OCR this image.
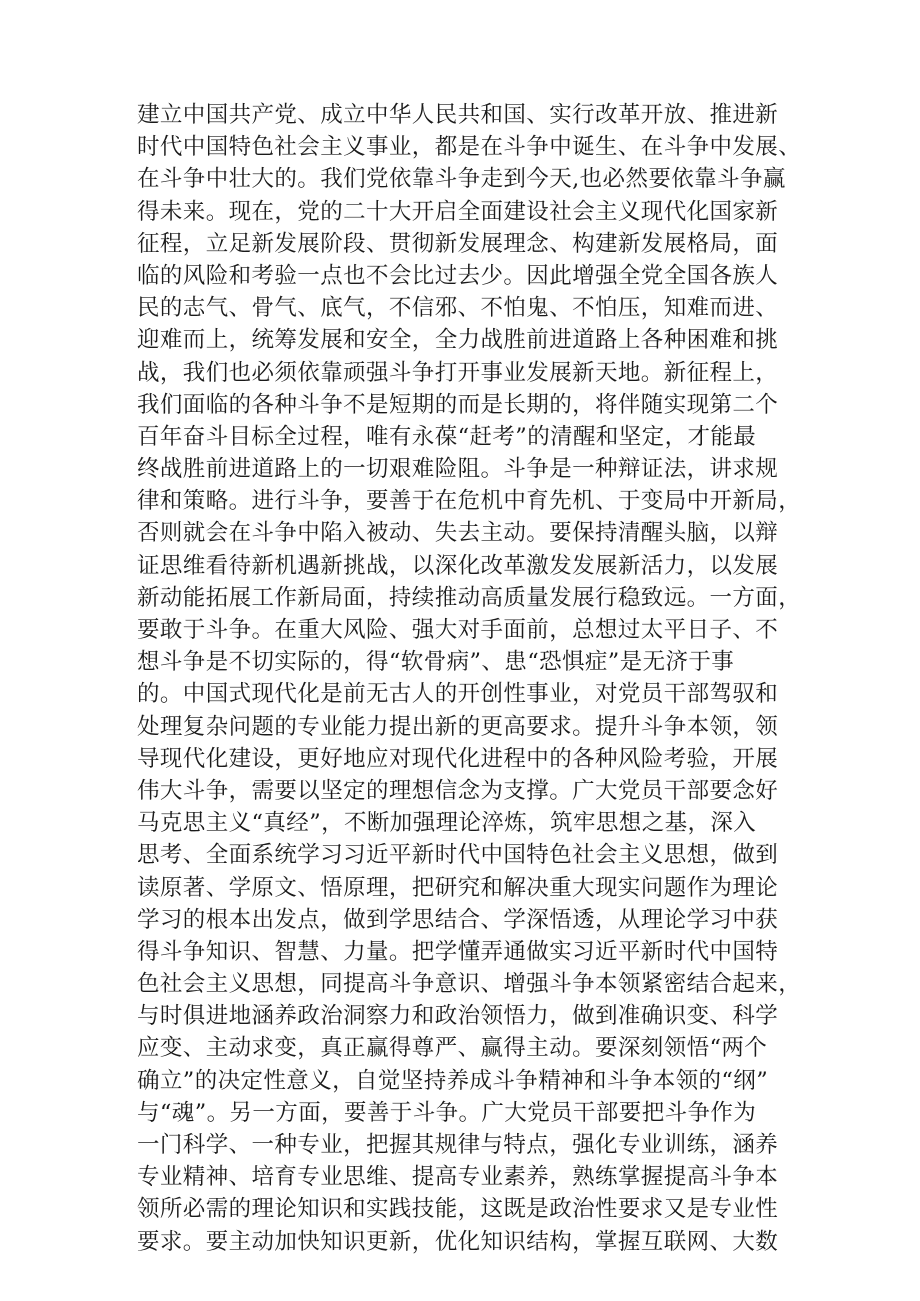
建立中国共产党、成立中华人民共和国、实行改革开放、推进新
时代中国特色社会主义事业，都是在斗争中诞生、在斗争中发展、
在斗争中壮大的。我们党依靠斗争走到今天,也必然要依靠斗争赢
得未来。现在，党的二十大开启全面建设社会主义现代化国家新
征程，立足新发展阶段、贯彻新发展理念、构建新发展格局，面
临的风险和考验一点也不会比过去少。因此增强全党全国各族人
民的志气、骨气、底气，不信邪、不怕鬼、不怕压，知难而进、
迎难而上，统筹发展和安全，全力战胜前进道路上各种困难和挑
战，我们也必须依靠顽强斗争打开事业发展新天地。新征程上，
我们面临的各种斗争不是短期的而是长期的，将伴随实现第二个
百年奋斗目标全过程，唯有永葆“赶考”的清醒和坚定，才能最
终战胜前进道路上的一切艰难险阻。斗争是一种辩证法，讲求规
律和策略。进行斗争，要善于在危机中育先机、于变局中开新局，
否则就会在斗争中陷入被动、失去主动。要保持清醒头脑，以辩
证思维看待新机遇新挑战，以深化改革激发发展新活力，以发展
新动能拓展工作新局面，持续推动高质量发展行稳致远。一方面，
要敢于斗争。在重大风险、强大对手面前，总想过太平日子、不
想斗争是不切实际的，得“软骨病”、患“恐惧症”是无济于事
的。中国式现代化是前无古人的开创性事业，对党员干部驾驭和
处理复杂问题的专业能力提出新的更高要求。提升斗争本领，领
导现代化建设，更好地应对现代化进程中的各种风险考验，开展
伟大斗争，需要以坚定的理想信念为支撑。广大党员干部要念好
马克思主义“真经”，不断加强理论淬炼，筑牢思想之基，深入
思考、全面系统学习习近平新时代中国特色社会主义思想，做到
读原著、学原文、悟原理，把研究和解决重大现实问题作为理论
学习的根本出发点，做到学思结合、学深悟透，从理论学习中获
得斗争知识、智慧、力量。把学懂弄通做实习近平新时代中国特
色社会主义思想，同提高斗争意识、增强斗争本领紧密结合起来，
与时俱进地涵养政治洞察力和政治领悟力，做到准确识变、科学
应变、主动求变，真正赢得尊严、赢得主动。要深刻领悟“两个
确立”的决定性意义，自觉坚持养成斗争精神和斗争本领的“纲”
与“魂”。另一方面，要善于斗争。广大党员干部要把斗争作为
一门科学、一种专业，把握其规律与特点，强化专业训练，涵养
专业精神、培育专业思维、提高专业素养，熟练掌握提高斗争本
领所必需的理论知识和实践技能，这既是政治性要求又是专业性
要求。要主动加快知识更新，优化知识结构，掌握互联网、大数
